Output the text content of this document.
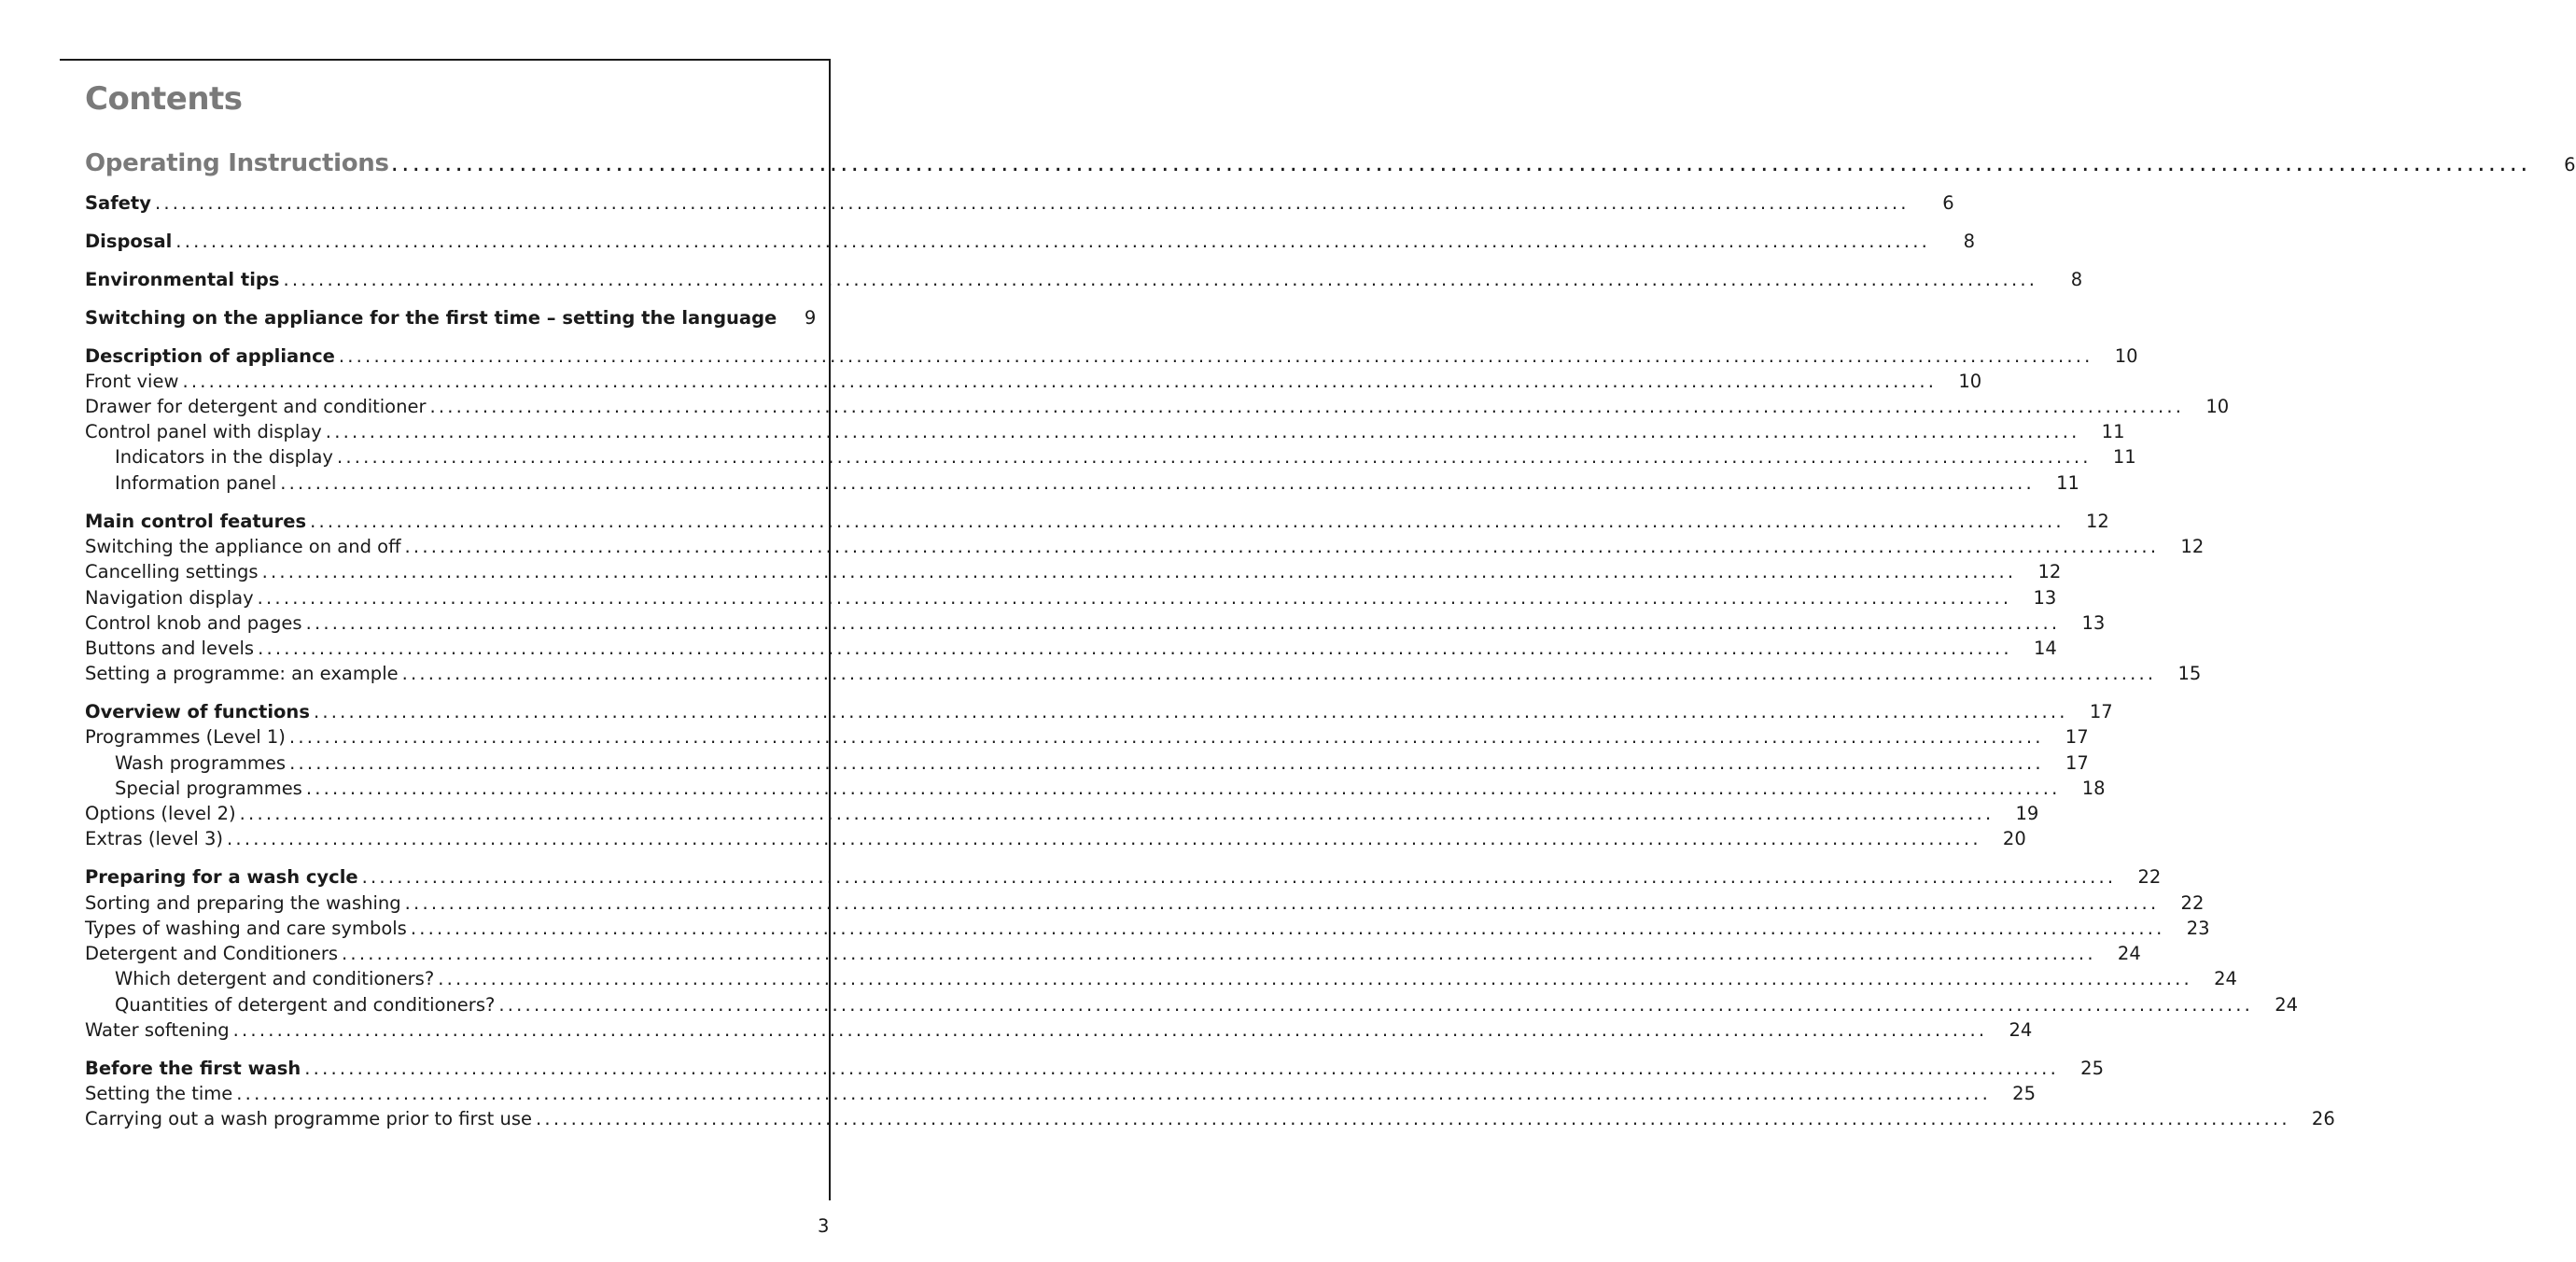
Contents
Operating Instructions ........................................................................................................................................................................................................	6
Safety ........................................................................................................................................................................................................	6
Disposal ........................................................................................................................................................................................................	8
Environmental tips ........................................................................................................................................................................................................	8
Switching on the appliance for the first time – setting the language	9
Description of appliance ........................................................................................................................................................................................................	10
Front view ........................................................................................................................................................................................................	10
Drawer for detergent and conditioner ........................................................................................................................................................................................................	10
Control panel with display ........................................................................................................................................................................................................	11
Indicators in the display ........................................................................................................................................................................................................	11
Information panel ........................................................................................................................................................................................................	11
Main control features ........................................................................................................................................................................................................	12
Switching the appliance on and off ........................................................................................................................................................................................................	12
Cancelling settings ........................................................................................................................................................................................................	12
Navigation display ........................................................................................................................................................................................................	13
Control knob and pages ........................................................................................................................................................................................................	13
Buttons and levels ........................................................................................................................................................................................................	14
Setting a programme: an example ........................................................................................................................................................................................................	15
Overview of functions ........................................................................................................................................................................................................	17
Programmes (Level 1) ........................................................................................................................................................................................................	17
Wash programmes ........................................................................................................................................................................................................	17
Special programmes ........................................................................................................................................................................................................	18
Options (level 2) ........................................................................................................................................................................................................	19
Extras (level 3) ........................................................................................................................................................................................................	20
Preparing for a wash cycle ........................................................................................................................................................................................................	22
Sorting and preparing the washing ........................................................................................................................................................................................................	22
Types of washing and care symbols ........................................................................................................................................................................................................	23
Detergent and Conditioners ........................................................................................................................................................................................................	24
Which detergent and conditioners? ........................................................................................................................................................................................................	24
Quantities of detergent and conditioners? ........................................................................................................................................................................................................	24
Water softening ........................................................................................................................................................................................................	24
Before the first wash ........................................................................................................................................................................................................	25
Setting the time ........................................................................................................................................................................................................	25
Carrying out a wash programme prior to first use ........................................................................................................................................................................................................	26
3
